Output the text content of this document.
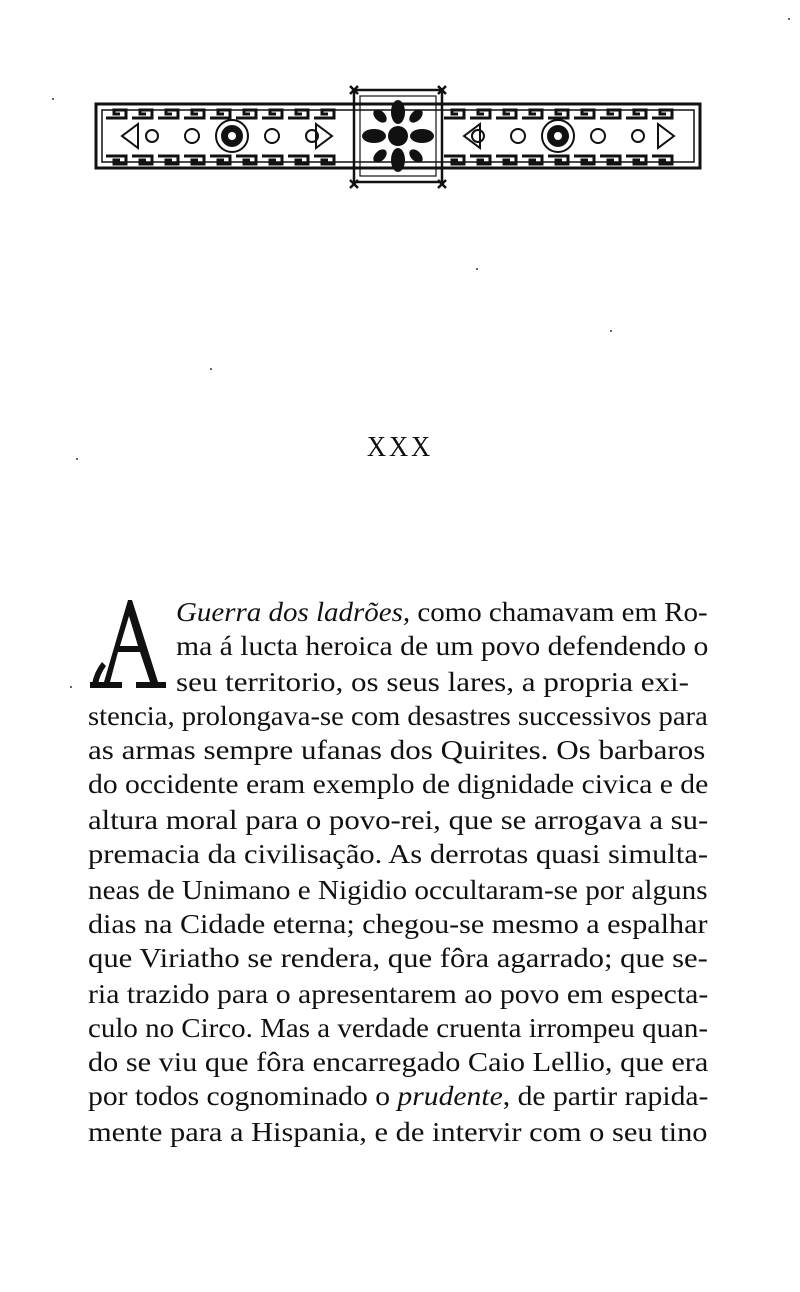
XXX
A
Guerra dos ladrões, como chamavam em Ro-
ma á lucta heroica de um povo defendendo o
seu territorio, os seus lares, a propria exi-
stencia, prolongava-se com desastres successivos para
as armas sempre ufanas dos Quirites. Os barbaros
do occidente eram exemplo de dignidade civica e de
altura moral para o povo-rei, que se arrogava a su-
premacia da civilisação. As derrotas quasi simulta-
neas de Unimano e Nigidio occultaram-se por alguns
dias na Cidade eterna; chegou-se mesmo a espalhar
que Viriatho se rendera, que fôra agarrado; que se-
ria trazido para o apresentarem ao povo em especta-
culo no Circo. Mas a verdade cruenta irrompeu quan-
do se viu que fôra encarregado Caio Lellio, que era
por todos cognominado o prudente, de partir rapida-
mente para a Hispania, e de intervir com o seu tino
